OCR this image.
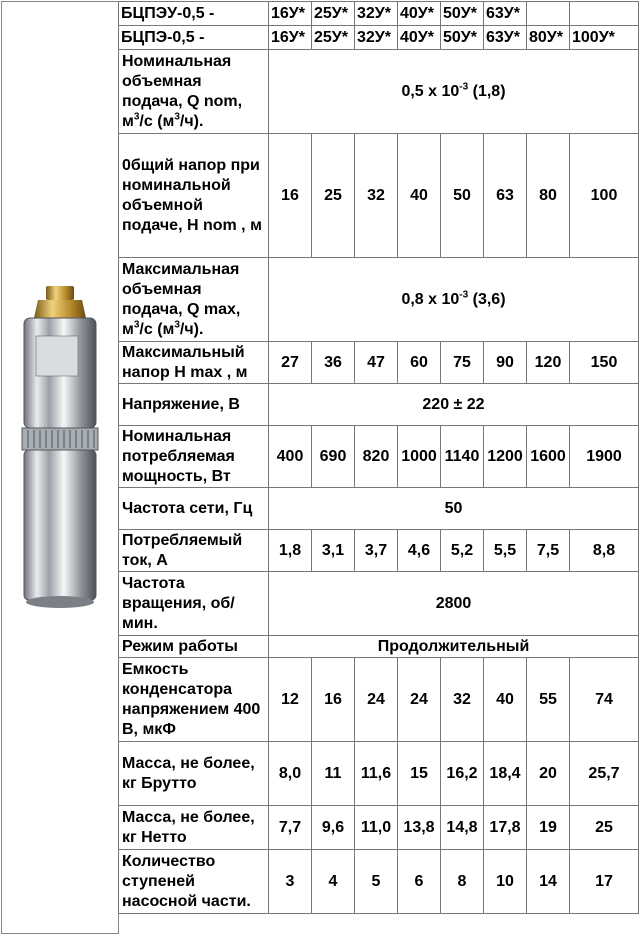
БЦПЭУ-0,5 -	16У*	25У*	32У*	40У*	50У*	63У*		
БЦПЭ-0,5 -	16У*	25У*	32У*	40У*	50У*	63У*	80У*	100У*
Номинальная объемная подача, Q nom, $м^3/с$ $(м^3/ч)$.	0,5 х $10^{-3}$ (1,8)							
0бщий напор при номинальной объемной подаче, H nom , м	16	25	32	40	50	63	80	100
Максимальная объемная подача, Q max, $м^3/с$ $(м^3/ч)$.	0,8 х $10^{-3}$ (3,6)							
Максимальный напор H max , м	27	36	47	60	75	90	120	150
Напряжение, В	220 ± 22							
Номинальная потребляемая мощность, Вт	400	690	820	1000	1140	1200	1600	1900
Частота сети, Гц	50							
Потребляемый ток, А	1,8	3,1	3,7	4,6	5,2	5,5	7,5	8,8
Частота вращения, об/мин.	2800							
Режим работы	Продолжительный							
Емкость конденсатора напряжением 400 В, мкФ	12	16	24	24	32	40	55	74
Масса, не более, кг Брутто	8,0	11	11,6	15	16,2	18,4	20	25,7
Масса, не более, кг Нетто	7,7	9,6	11,0	13,8	14,8	17,8	19	25
Количество ступеней насосной части.	3	4	5	6	8	10	14	17
